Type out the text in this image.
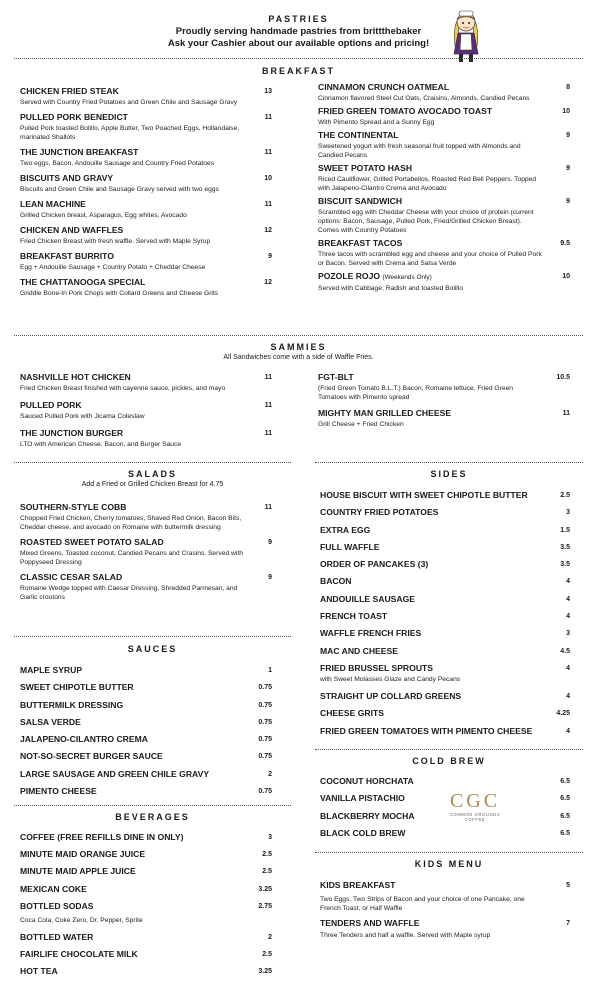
PASTRIES
Proudly serving handmade pastries from brittthebaker
Ask your Cashier about our available options and pricing!
BREAKFAST
CHICKEN FRIED STEAK	13
Served with Country Fried Potatoes and Green Chile and Sausage Gravy
PULLED PORK BENEDICT	11
Pulled Pork toasted Bolillo, Apple Butter, Two Poached Eggs, Hollandaise, marinated Shallots
THE JUNCTION BREAKFAST	11
Two eggs, Bacon, Andouille Sausage and Country Fried Potatoes
BISCUITS AND GRAVY	10
Biscuits and Green Chile and Sausage Gravy served with two eggs
LEAN MACHINE	11
Grilled Chicken breast, Asparagus, Egg whites, Avocado
CHICKEN AND WAFFLES	12
Fried Chicken Breast with fresh waffle. Served with Maple Syrup
BREAKFAST BURRITO	9
Egg + Andouille Sausage + Country Potato + Cheddar Cheese
THE CHATTANOOGA SPECIAL	12
Griddle Bone-In Pork Chops with Collard Greens and Cheese Grits
CINNAMON CRUNCH OATMEAL	8
Cinnamon flavored Steel Cut Oats, Craisins, Almonds, Candied Pecans
FRIED GREEN TOMATO AVOCADO TOAST	10
With Pimento Spread and a Sunny Egg
THE CONTINENTAL	9
Sweetened yogurt with fresh seasonal fruit topped with Almonds and Candied Pecans
SWEET POTATO HASH	9
Riced Cauliflower, Grilled Portabellos, Roasted Red Bell Peppers. Topped with Jalapeno-Cilantro Crema and Avocado
BISCUIT SANDWICH	9
Scrambled egg with Cheddar Cheese with your choice of protein (current options: Bacon, Sausage, Pulled Pork, Fried/Grilled Chicken Breast). Comes with Country Potatoes
BREAKFAST TACOS	9.5
Three tacos with scrambled egg and cheese and your choice of Pulled Pork or Bacon. Served with Crema and Salsa Verde
POZOLE ROJO (Weekends Only)	10
Served with Cabbage, Radish and toasted Bolillo
SAMMIES
All Sandwiches come with a side of Waffle Fries.
NASHVILLE HOT CHICKEN	11
Fried Chicken Breast finished with cayenne sauce, pickles, and mayo
PULLED PORK	11
Sauced Pulled Pork with Jicama Coleslaw
THE JUNCTION BURGER	11
LTO with American Cheese, Bacon, and Burger Sauce
FGT-BLT	10.5
(Fried Green Tomato B.L.T.) Bacon, Romaine lettuce, Fried Green Tomatoes with Pimento spread
MIGHTY MAN GRILLED CHEESE	11
Grill Cheese + Fried Chicken
SALADS
Add a Fried or Grilled Chicken Breast for 4.75
SOUTHERN-STYLE COBB	11
Chopped Fried Chicken, Cherry tomatoes, Shaved Red Onion, Bacon Bits, Cheddar cheese, and avocado on Romaine with buttermilk dressing
ROASTED SWEET POTATO SALAD	9
Mixed Greens, Toasted coconut, Candied Pecans and Crasins. Served with Poppyseed Dressing
CLASSIC CESAR SALAD	9
Romaine Wedge topped with Caesar Dressing, Shredded Parmesan, and Garlic croutons
SAUCES
MAPLE SYRUP	1
SWEET CHIPOTLE BUTTER	0.75
BUTTERMILK DRESSING	0.75
SALSA VERDE	0.75
JALAPENO-CILANTRO CREMA	0.75
NOT-SO-SECRET BURGER SAUCE	0.75
LARGE SAUSAGE AND GREEN CHILE GRAVY	2
PIMENTO CHEESE	0.75
BEVERAGES
COFFEE (FREE REFILLS DINE IN ONLY)	3
MINUTE MAID ORANGE JUICE	2.5
MINUTE MAID APPLE JUICE	2.5
MEXICAN COKE	3.25
BOTTLED SODAS	2.75
Coca Cola, Coke Zero, Dr. Pepper, Sprite
BOTTLED WATER	2
FAIRLIFE CHOCOLATE MILK	2.5
HOT TEA	3.25
SIDES
HOUSE BISCUIT WITH SWEET CHIPOTLE BUTTER	2.5
COUNTRY FRIED POTATOES	3
EXTRA EGG	1.5
FULL WAFFLE	3.5
ORDER OF PANCAKES (3)	3.5
BACON	4
ANDOUILLE SAUSAGE	4
FRENCH TOAST	4
WAFFLE FRENCH FRIES	3
MAC AND CHEESE	4.5
FRIED BRUSSEL SPROUTS	4
with Sweet Molasses Glaze and Candy Pecans
STRAIGHT UP COLLARD GREENS	4
CHEESE GRITS	4.25
FRIED GREEN TOMATOES WITH PIMENTO CHEESE	4
COLD BREW
COCONUT HORCHATA	6.5
VANILLA PISTACHIO	6.5
BLACKBERRY MOCHA	6.5
BLACK COLD BREW	6.5
CGC
COMMON GROUNDS
COFFEE
KIDS MENU
KIDS BREAKFAST	5
Two Eggs, Two Strips of Bacon and your choice of one Pancake, one French Toast, or Half Waffle
TENDERS AND WAFFLE	7
Three Tenders and half a waffle. Served with Maple syrup
